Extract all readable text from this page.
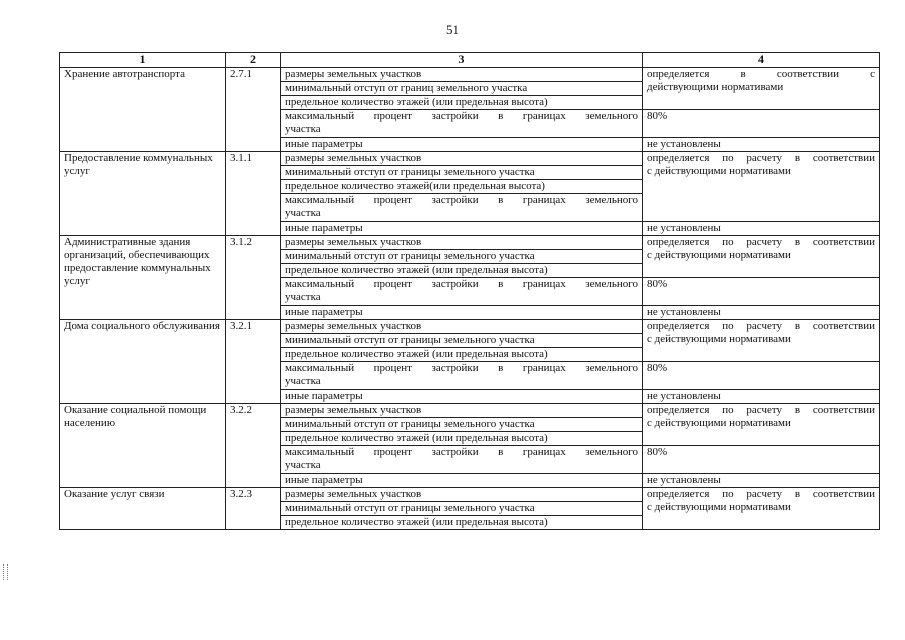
51
1	2	3	4
Хранение автотранспорта	2.7.1	размеры земельных участков	определяется в соответствии с
действующими нормативами

		минимальный отступ от границ земельного участка	
		предельное количество этажей (или предельная высота)	

		максимальный процент застройки в границах земельного
участка	80%
		иные параметры	не установлены
Предоставление коммунальных услуг	3.1.1	размеры земельных участков	определяется по расчету в соответствии
с действующими нормативами

		минимальный отступ от границы земельного участка	
		предельное количество этажей(или предельная высота)	

		максимальный процент застройки в границах земельного
участка	

		иные параметры	не установлены
Административные здания организаций, обеспечивающих предоставление коммунальных услуг	3.1.2	размеры земельных участков	определяется по расчету в соответствии
с действующими нормативами

		минимальный отступ от границы земельного участка	
		предельное количество этажей (или предельная высота)	

		максимальный процент застройки в границах земельного
участка	80%
		иные параметры	не установлены
Дома социального обслуживания	3.2.1	размеры земельных участков	определяется по расчету в соответствии
с действующими нормативами

		минимальный отступ от границы земельного участка	
		предельное количество этажей (или предельная высота)	

		максимальный процент застройки в границах земельного
участка	80%
		иные параметры	не установлены
Оказание социальной помощи населению	3.2.2	размеры земельных участков	определяется по расчету в соответствии
с действующими нормативами

		минимальный отступ от границы земельного участка	
		предельное количество этажей (или предельная высота)	

		максимальный процент застройки в границах земельного
участка	80%
		иные параметры	не установлены
Оказание услуг связи	3.2.3	размеры земельных участков	определяется по расчету в соответствии
с действующими нормативами

		минимальный отступ от границы земельного участка	
		предельное количество этажей (или предельная высота)	
